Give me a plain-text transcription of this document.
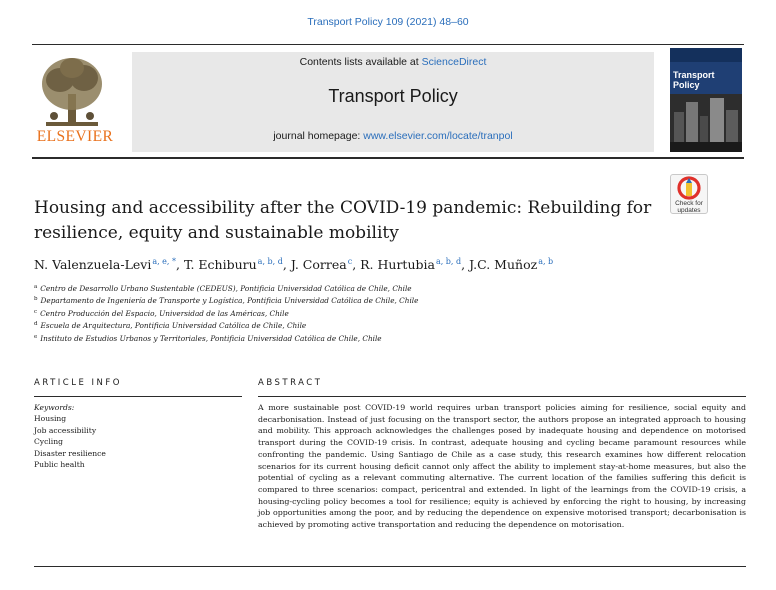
Transport Policy 109 (2021) 48–60
ELSEVIER
Contents lists available at ScienceDirect
Transport Policy
journal homepage: www.elsevier.com/locate/tranpol
Transport Policy
Check for
updates
Housing and accessibility after the COVID-19 pandemic: Rebuilding for resilience, equity and sustainable mobility
N. Valenzuela-Levi$^{a, e, *}$, T. Echiburu$^{a, b, d}$, J. Correa$^c$, R. Hurtubia$^{a, b, d}$, J.C. Muñoz$^{a, b}$
$^a$ Centro de Desarrollo Urbano Sustentable (CEDEUS), Pontificia Universidad Católica de Chile, Chile
$^b$ Departamento de Ingeniería de Transporte y Logística, Pontificia Universidad Católica de Chile, Chile
$^c$ Centro Producción del Espacio, Universidad de las Américas, Chile
$^d$ Escuela de Arquitectura, Pontificia Universidad Católica de Chile, Chile
$^e$ Instituto de Estudios Urbanos y Territoriales, Pontificia Universidad Católica de Chile, Chile
ARTICLE INFO	ABSTRACT
Keywords:
Housing
Job accessibility
Cycling
Disaster resilience
Public health
A more sustainable post COVID-19 world requires urban transport policies aiming for resilience, social equity and decarbonisation. Instead of just focusing on the transport sector, the authors propose an integrated approach to housing and mobility. This approach acknowledges the challenges posed by inadequate housing and dependence on motorised transport during the COVID-19 crisis. In contrast, adequate housing and cycling became paramount resources while confronting the pandemic. Using Santiago de Chile as a case study, this research examines how different relocation scenarios for its current housing deficit cannot only affect the ability to implement stay-at-home measures, but also the potential of cycling as a relevant commuting alternative. The current location of the families suffering this deficit is compared to three scenarios: compact, pericentral and extended. In light of the learnings from the COVID-19 crisis, a housing-cycling policy becomes a tool for resilience; equity is achieved by enforcing the right to housing, by increasing job opportunities among the poor, and by reducing the dependence on expensive motorised transport; decarbonisation is achieved by promoting active transportation and reducing the dependence on motorisation.
